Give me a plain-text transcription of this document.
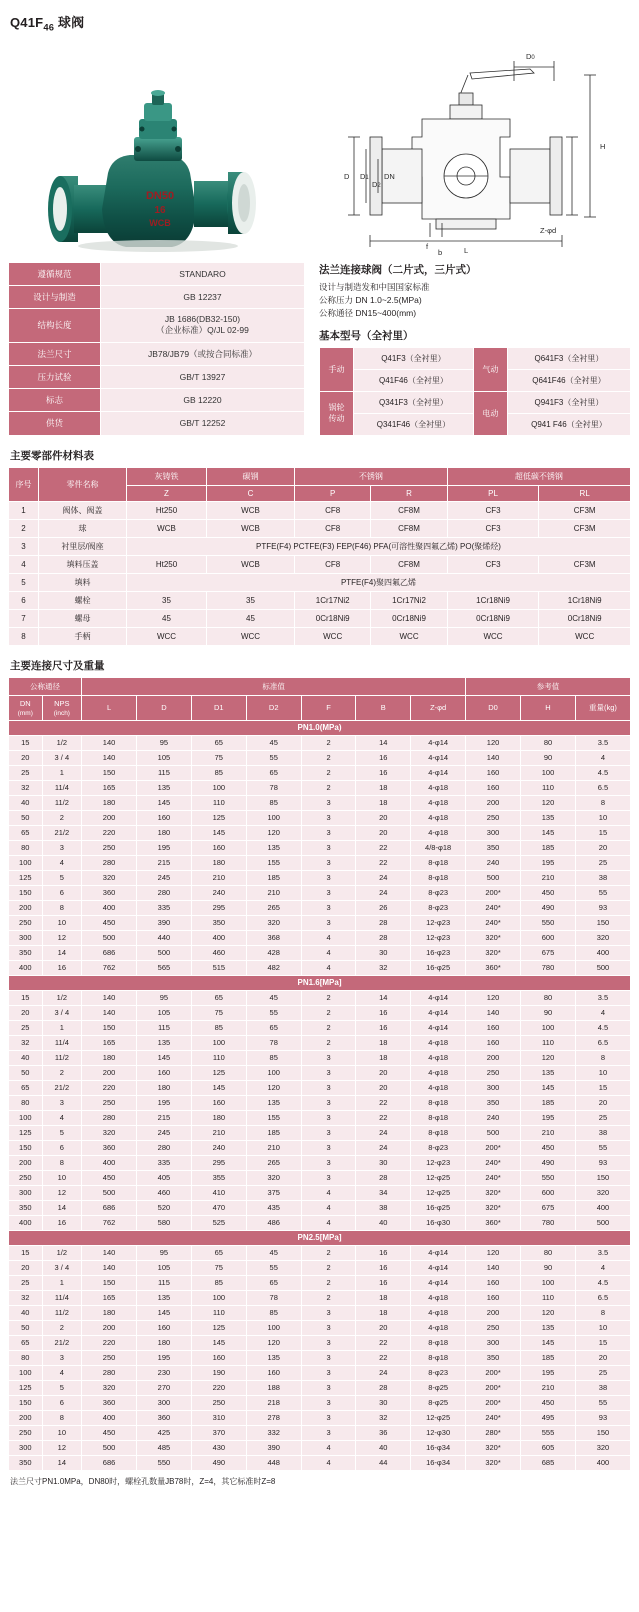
$Q41F_{46}$ 球阀
DN50
16
WCB
D0
H
D D1
D2
DN
Z-φd
f
b	L
遵循规范	STANDARO
设计与制造	GB 12237
结构长度	JB 1686(DB32-150)
（企业标准）Q/JL 02-99
法兰尺寸	JB78/JB79（或按合同标准）
压力试验	GB/T 13927
标志	GB 12220
供货	GB/T 12252
法兰连接球阀（二片式，三片式）

设计与制造发和中国国家标准

公称压力 DN 1.0~2.5(MPa)

公称通径 DN15~400(mm)

基本型号（全衬里）
手动	Q41F3（全衬里）	气动	Q641F3（全衬里）
	Q41F46（全衬里）		Q641F46（全衬里）
锅轮
传动	Q341F3（全衬里）	电动	Q941F3（全衬里）
	Q341F46（全衬里）		Q941 F46（全衬里）
主要零部件材料表
序号	零件名称	灰铸铁	碳钢	不锈钢		超低碳不锈钢	
		Z	C	P	R	PL	RL
1	阀体、阀盖	Ht250	WCB	CF8	CF8M	CF3	CF3M
2	球	WCB	WCB	CF8	CF8M	CF3	CF3M
3	衬里层/阀座	PTFE(F4) PCTFE(F3) FEP(F46) PFA(可溶性聚四氟乙烯) PO(聚烯烃)					
4	填料压盖	Ht250	WCB	CF8	CF8M	CF3	CF3M
5	填料	PTFE(F4)聚四氟乙烯					
6	螺栓	35	35	1Cr17Ni2	1Cr17Ni2	1Cr18Ni9	1Cr18Ni9
7	螺母	45	45	0Cr18Ni9	0Cr18Ni9	0Cr18Ni9	0Cr18Ni9
8	手柄	WCC	WCC	WCC	WCC	WCC	WCC
主要连接尺寸及重量
公称通径		标准值							参考值		
DN
(mm)	NPS
(inch)	L	D	D1	D2	F	B	Z-φd	D0	H	重量(kg)
PN1.0(MPa)											
15	1/2	140	95	65	45	2	14	4-φ14	120	80	3.5
20	3 / 4	140	105	75	55	2	16	4-φ14	140	90	4
25	1	150	115	85	65	2	16	4-φ14	160	100	4.5
32	11/4	165	135	100	78	2	18	4-φ18	160	110	6.5
40	11/2	180	145	110	85	3	18	4-φ18	200	120	8
50	2	200	160	125	100	3	20	4-φ18	250	135	10
65	21/2	220	180	145	120	3	20	4-φ18	300	145	15
80	3	250	195	160	135	3	22	4/8-φ18	350	185	20
100	4	280	215	180	155	3	22	8-φ18	240	195	25
125	5	320	245	210	185	3	24	8-φ18	500	210	38
150	6	360	280	240	210	3	24	8-φ23	200*	450	55
200	8	400	335	295	265	3	26	8-φ23	240*	490	93
250	10	450	390	350	320	3	28	12-φ23	240*	550	150
300	12	500	440	400	368	4	28	12-φ23	320*	600	320
350	14	686	500	460	428	4	30	16-φ23	320*	675	400
400	16	762	565	515	482	4	32	16-φ25	360*	780	500
PN1.6[MPa]											
15	1/2	140	95	65	45	2	14	4-φ14	120	80	3.5
20	3 / 4	140	105	75	55	2	16	4-φ14	140	90	4
25	1	150	115	85	65	2	16	4-φ14	160	100	4.5
32	11/4	165	135	100	78	2	18	4-φ18	160	110	6.5
40	11/2	180	145	110	85	3	18	4-φ18	200	120	8
50	2	200	160	125	100	3	20	4-φ18	250	135	10
65	21/2	220	180	145	120	3	20	4-φ18	300	145	15
80	3	250	195	160	135	3	22	8-φ18	350	185	20
100	4	280	215	180	155	3	22	8-φ18	240	195	25
125	5	320	245	210	185	3	24	8-φ18	500	210	38
150	6	360	280	240	210	3	24	8-φ23	200*	450	55
200	8	400	335	295	265	3	30	12-φ23	240*	490	93
250	10	450	405	355	320	3	28	12-φ25	240*	550	150
300	12	500	460	410	375	4	34	12-φ25	320*	600	320
350	14	686	520	470	435	4	38	16-φ25	320*	675	400
400	16	762	580	525	486	4	40	16-φ30	360*	780	500
PN2.5[MPa]											
15	1/2	140	95	65	45	2	16	4-φ14	120	80	3.5
20	3 / 4	140	105	75	55	2	16	4-φ14	140	90	4
25	1	150	115	85	65	2	16	4-φ14	160	100	4.5
32	11/4	165	135	100	78	2	18	4-φ18	160	110	6.5
40	11/2	180	145	110	85	3	18	4-φ18	200	120	8
50	2	200	160	125	100	3	20	4-φ18	250	135	10
65	21/2	220	180	145	120	3	22	8-φ18	300	145	15
80	3	250	195	160	135	3	22	8-φ18	350	185	20
100	4	280	230	190	160	3	24	8-φ23	200*	195	25
125	5	320	270	220	188	3	28	8-φ25	200*	210	38
150	6	360	300	250	218	3	30	8-φ25	200*	450	55
200	8	400	360	310	278	3	32	12-φ25	240*	495	93
250	10	450	425	370	332	3	36	12-φ30	280*	555	150
300	12	500	485	430	390	4	40	16-φ34	320*	605	320
350	14	686	550	490	448	4	44	16-φ34	320*	685	400
法兰尺寸PN1.0MPa，DN80时，螺栓孔数量JB78时，Z=4，其它标准时Z=8
